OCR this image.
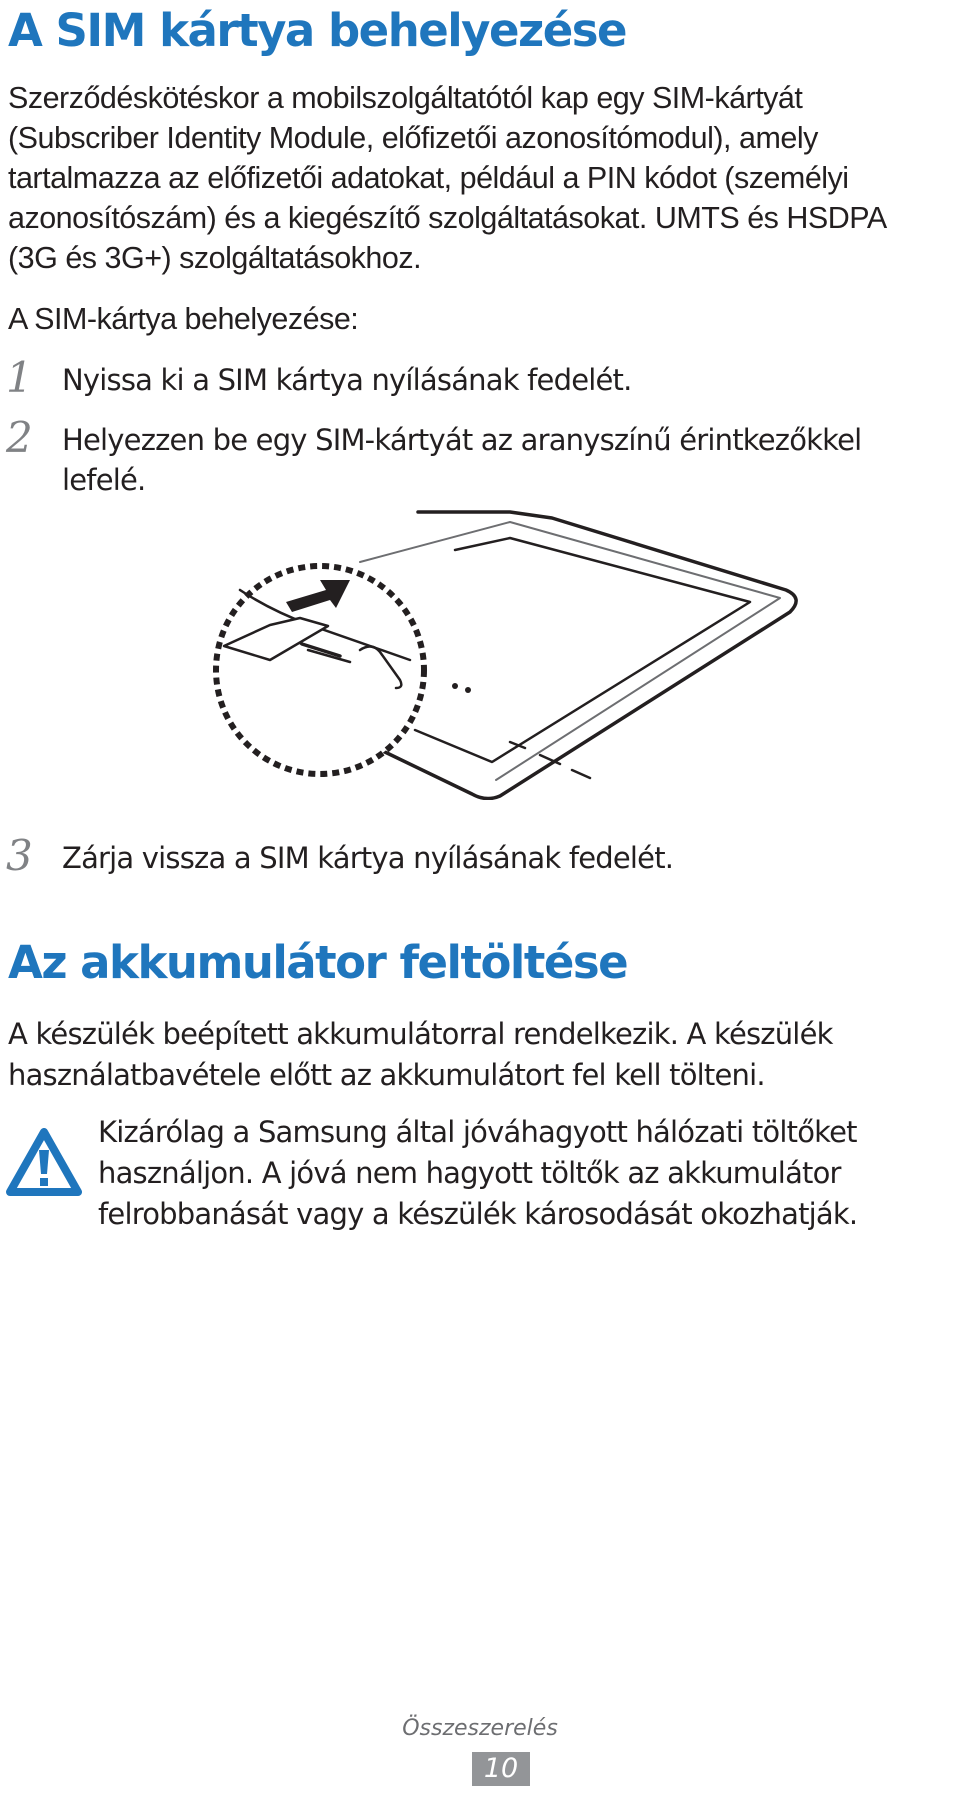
A SIM kártya behelyezése
Szerződéskötéskor a mobilszolgáltatótól kap egy SIM-kártyát
(Subscriber Identity Module, előfizetői azonosítómodul), amely
tartalmazza az előfizetői adatokat, például a PIN kódot (személyi
azonosítószám) és a kiegészítő szolgáltatásokat. UMTS és HSDPA
(3G és 3G+) szolgáltatásokhoz.
A SIM-kártya behelyezése:
1 Nyissa ki a SIM kártya nyílásának fedelét.
2 Helyezzen be egy SIM-kártyát az aranyszínű érintkezőkkel
lefelé.
3 Zárja vissza a SIM kártya nyílásának fedelét.
Az akkumulátor feltöltése
A készülék beépített akkumulátorral rendelkezik. A készülék
használatbavétele előtt az akkumulátort fel kell tölteni.
Kizárólag a Samsung által jóváhagyott hálózati töltőket
használjon. A jóvá nem hagyott töltők az akkumulátor
felrobbanását vagy a készülék károsodását okozhatják.
Összeszerelés
10
